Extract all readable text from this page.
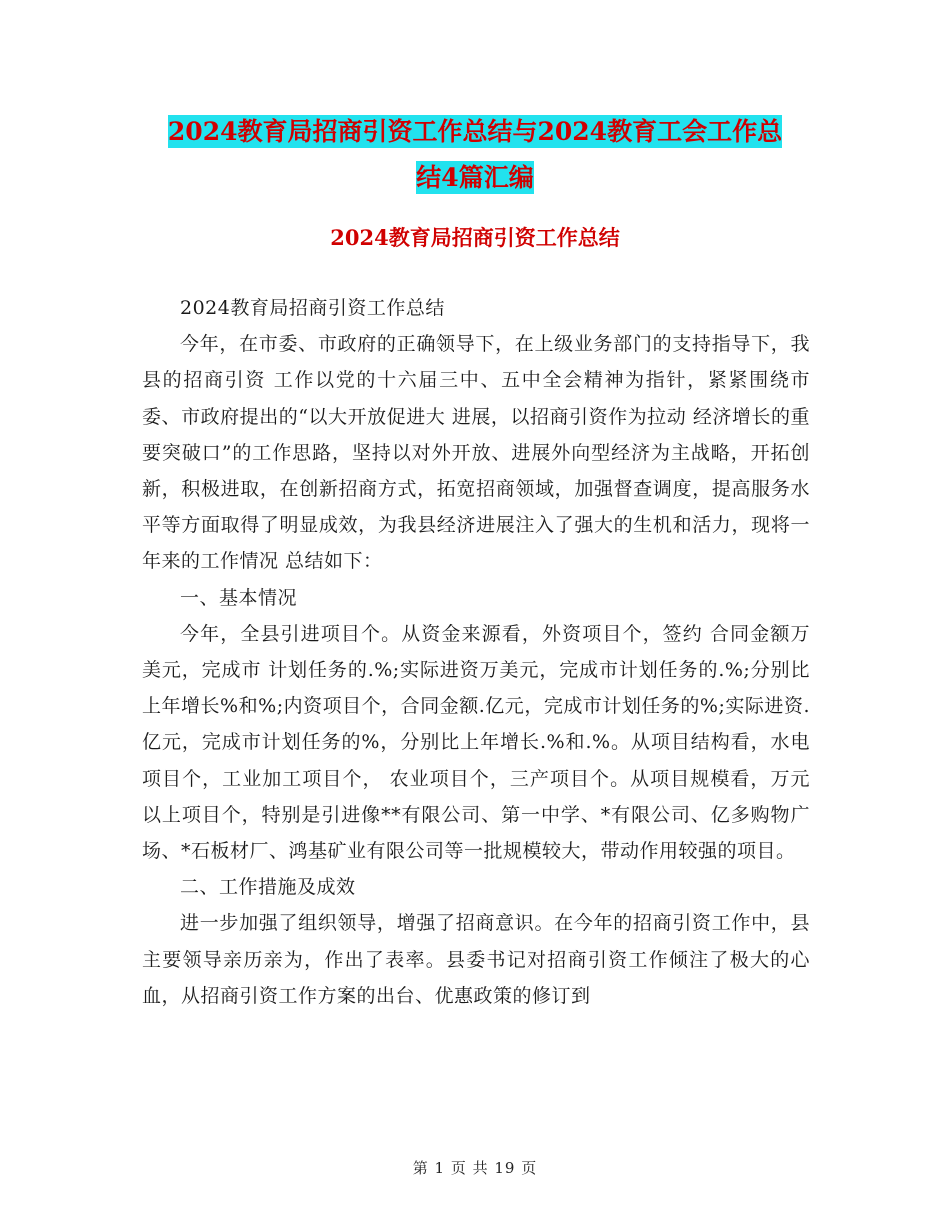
2024教育局招商引资工作总结与2024教育工会工作总
结4篇汇编
2024教育局招商引资工作总结

2024教育局招商引资工作总结

今年，在市委、市政府的正确领导下，在上级业务部门的支持指导下，我县的招商引资 工作以党的十六届三中、五中全会精神为指针，紧紧围绕市委、市政府提出的“以大开放促进大 进展，以招商引资作为拉动 经济增长的重要突破口”的工作思路，坚持以对外开放、进展外向型经济为主战略，开拓创新，积极进取，在创新招商方式，拓宽招商领域，加强督查调度，提高服务水平等方面取得了明显成效，为我县经济进展注入了强大的生机和活力，现将一年来的工作情况 总结如下：

一、基本情况

今年，全县引进项目个。从资金来源看，外资项目个，签约 合同金额万美元，完成市 计划任务的.%;实际进资万美元，完成市计划任务的.%;分别比上年增长%和%;内资项目个，合同金额.亿元，完成市计划任务的%;实际进资.亿元，完成市计划任务的%，分别比上年增长.%和.%。从项目结构看，水电项目个，工业加工项目个， 农业项目个，三产项目个。从项目规模看，万元以上项目个，特别是引进像**有限公司、第一中学、*有限公司、亿多购物广场、*石板材厂、鸿基矿业有限公司等一批规模较大，带动作用较强的项目。

二、工作措施及成效

进一步加强了组织领导，增强了招商意识。在今年的招商引资工作中，县主要领导亲历亲为，作出了表率。县委书记对招商引资工作倾注了极大的心血，从招商引资工作方案的出台、优惠政策的修订到

第 1 页 共 19 页
